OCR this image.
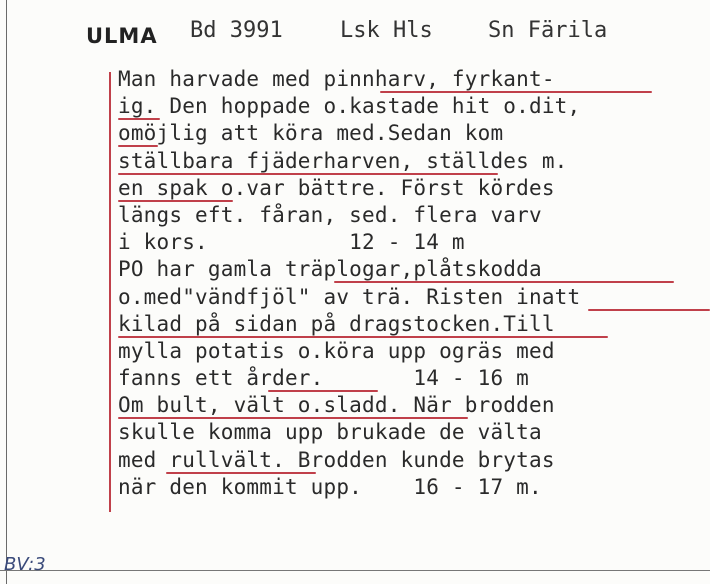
ULMA Bd 3991	Lsk Hls	Sn Färila
Man harvade med pinnharv, fyrkant-
ig. Den hoppade o.kastade hit o.dit,
omöjlig att köra med.Sedan kom
ställbara fjäderharven, ställdes m.
en spak o.var bättre. Först kördes
längs eft. fåran, sed. flera varv
i kors.           12 - 14 m
PO har gamla träplogar,plåtskodda
o.med"vändfjöl" av trä. Risten inatt
kilad på sidan på dragstocken.Till
mylla potatis o.köra upp ogräs med
fanns ett årder.       14 - 16 m
Om bult, vält o.sladd. När brodden
skulle komma upp brukade de välta
med rullvält. Brodden kunde brytas
när den kommit upp.    16 - 17 m.
BV:3
